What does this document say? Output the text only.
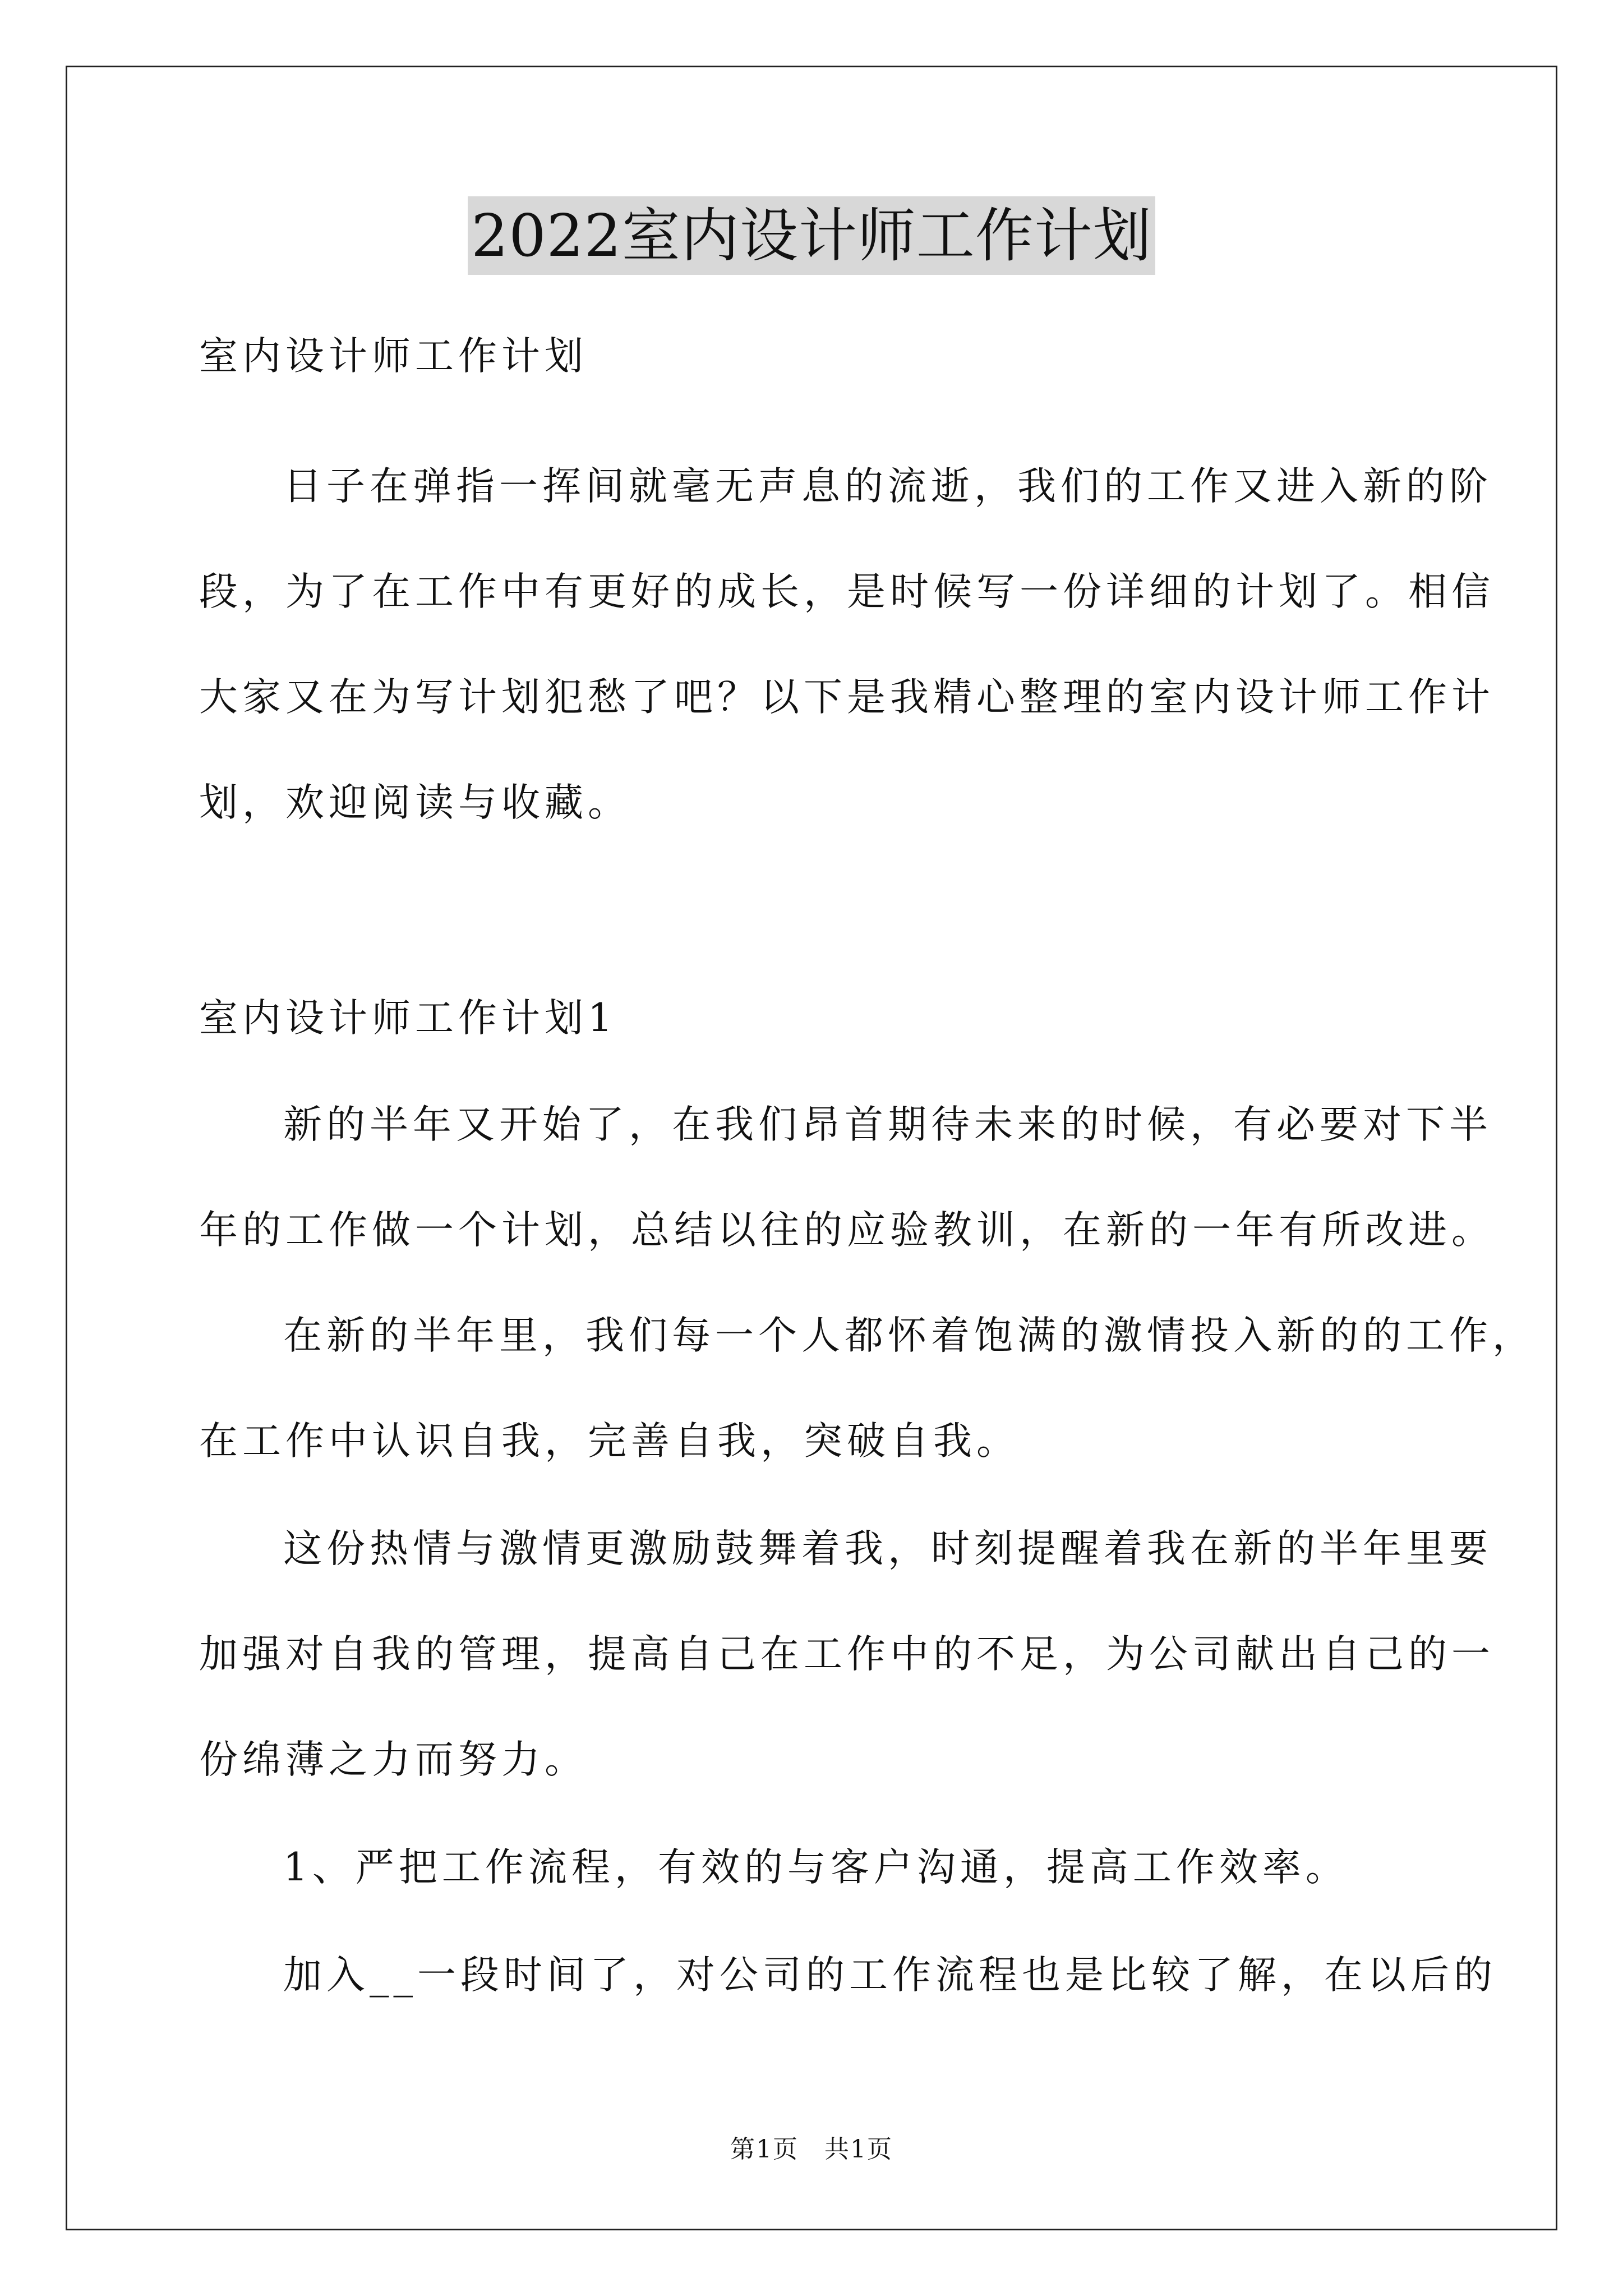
2022室内设计师工作计划
室内设计师工作计划
日子在弹指一挥间就毫无声息的流逝，我们的工作又进入新的阶
段，为了在工作中有更好的成长，是时候写一份详细的计划了。相信
大家又在为写计划犯愁了吧？以下是我精心整理的室内设计师工作计
划，欢迎阅读与收藏。
室内设计师工作计划1
新的半年又开始了，在我们昂首期待未来的时候，有必要对下半
年的工作做一个计划，总结以往的应验教训，在新的一年有所改进。
在新的半年里，我们每一个人都怀着饱满的激情投入新的的工作，
在工作中认识自我，完善自我，突破自我。
这份热情与激情更激励鼓舞着我，时刻提醒着我在新的半年里要
加强对自我的管理，提高自己在工作中的不足，为公司献出自己的一
份绵薄之力而努力。
1、严把工作流程，有效的与客户沟通，提高工作效率。
加入__一段时间了，对公司的工作流程也是比较了解，在以后的
第1页　共1页
